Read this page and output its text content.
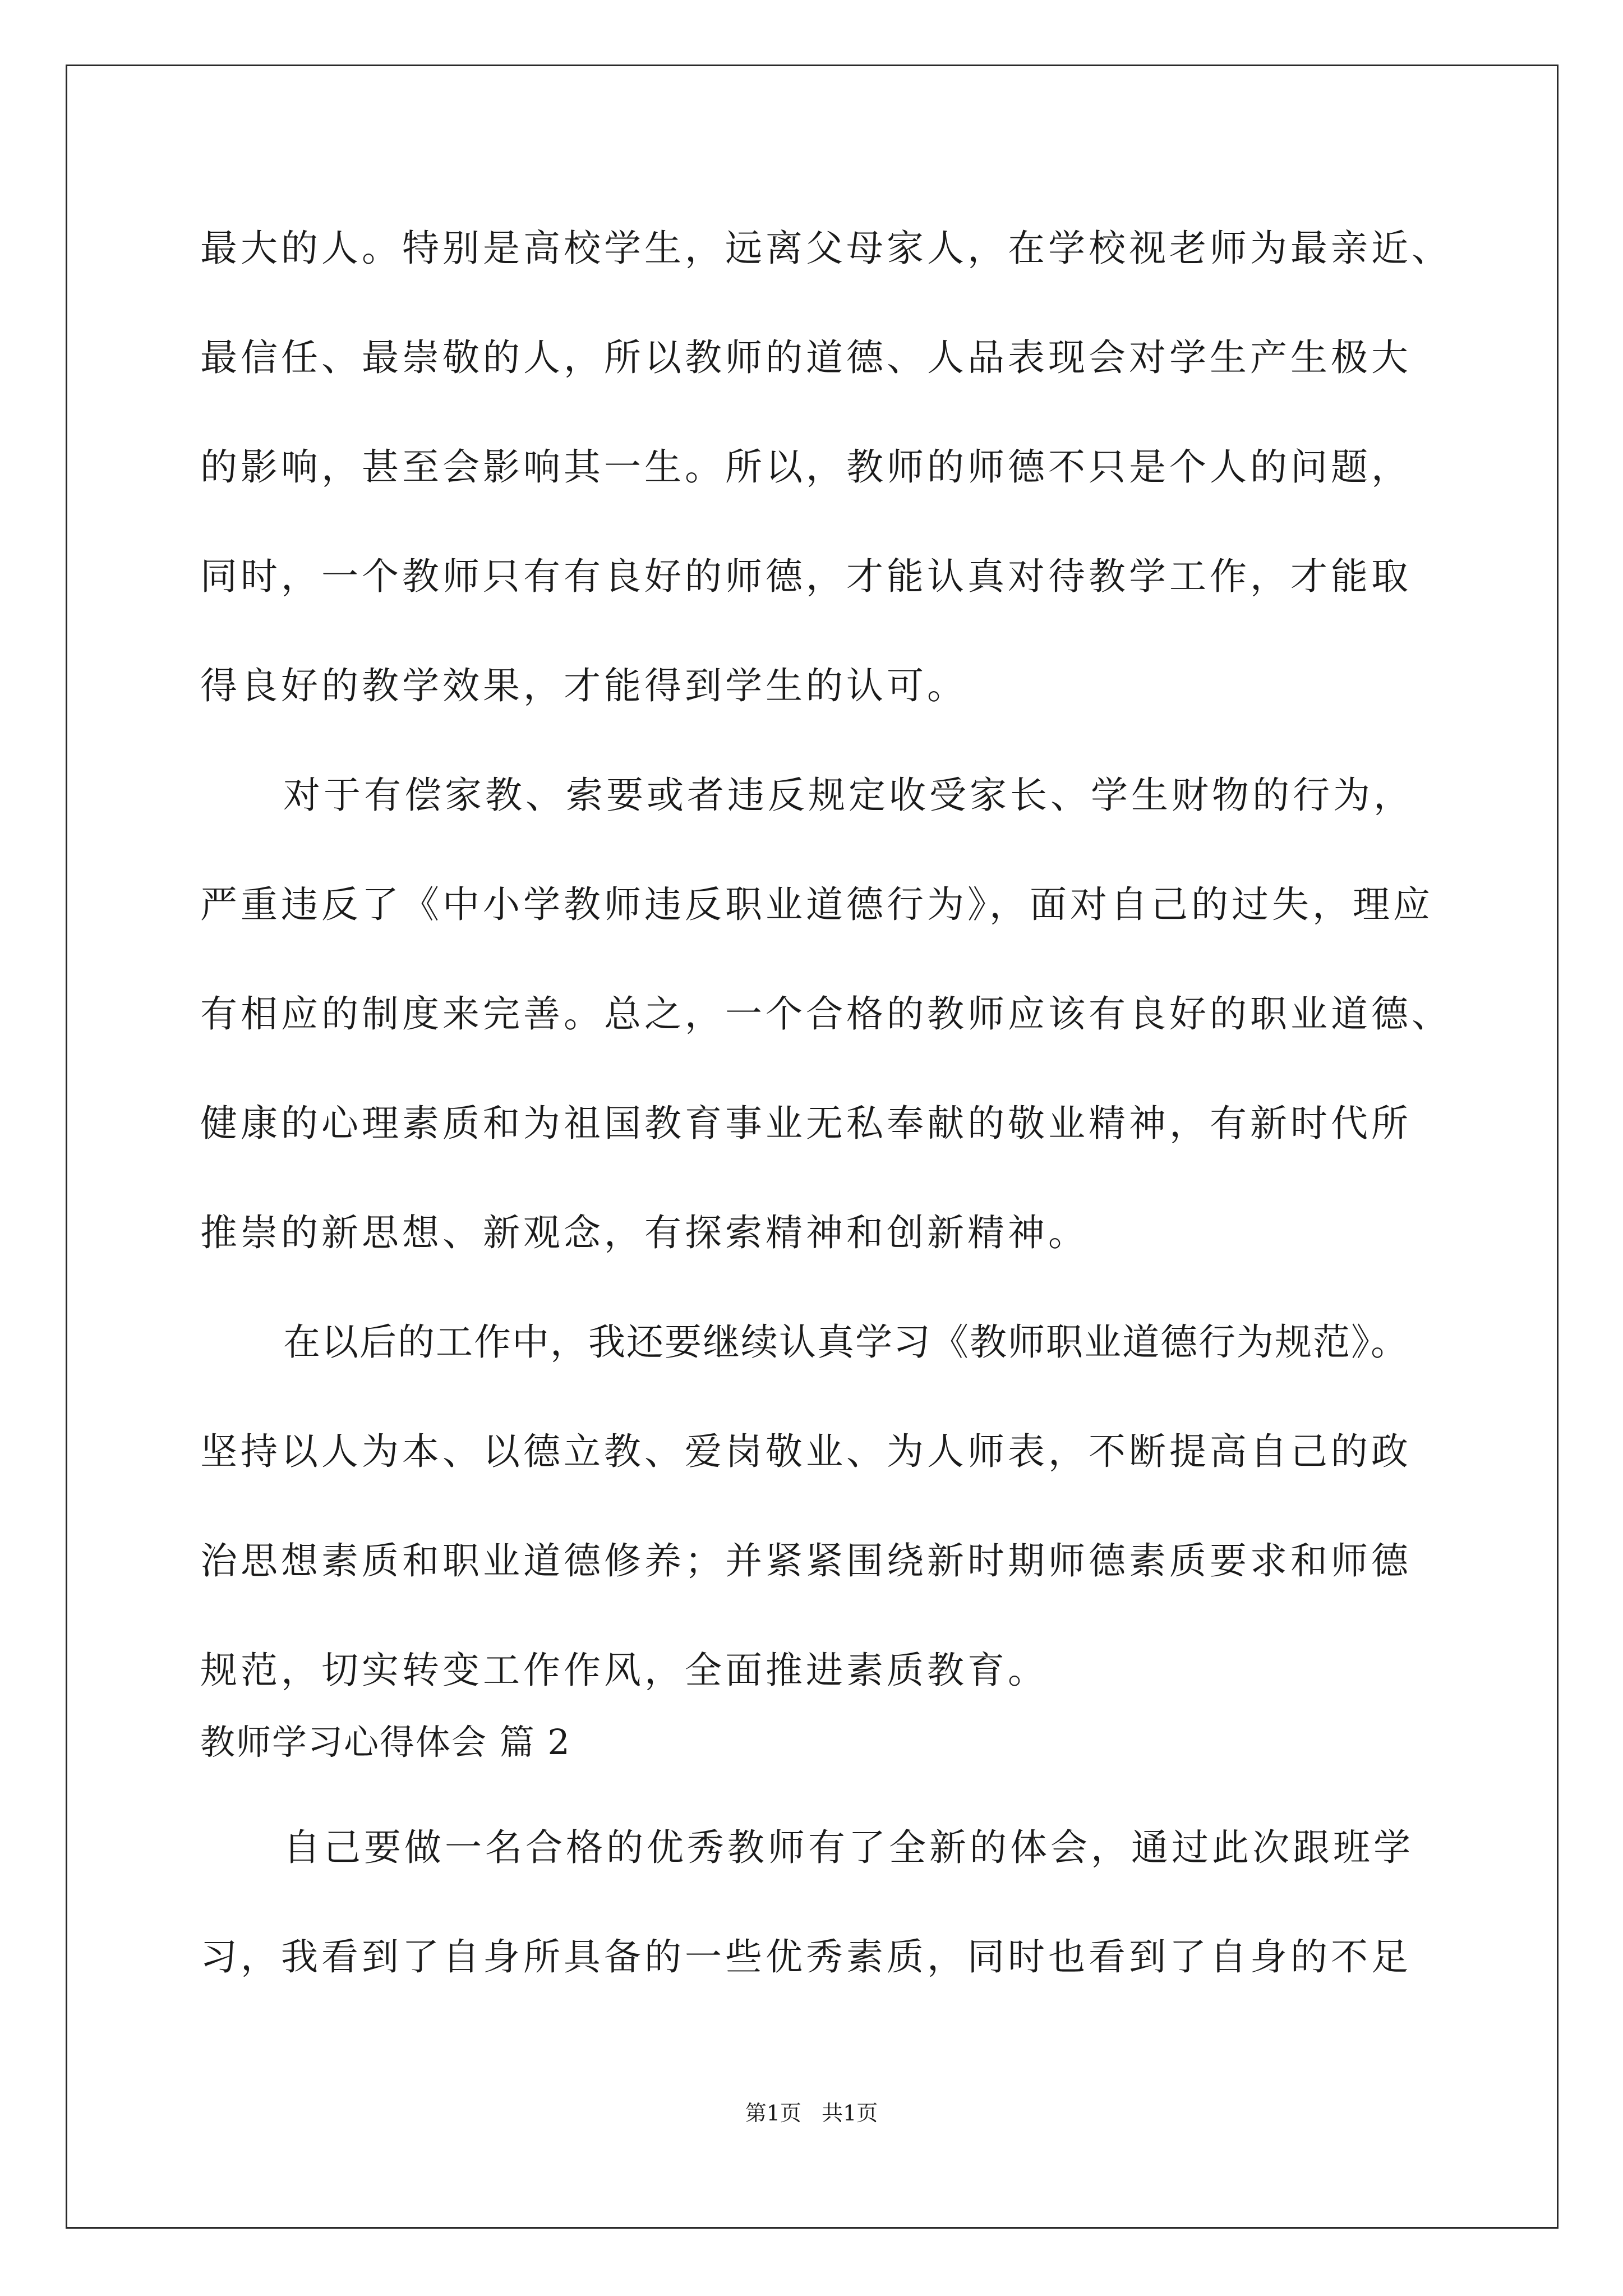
最大的人。特别是高校学生，远离父母家人，在学校视老师为最亲近、
最信任、最崇敬的人，所以教师的道德、人品表现会对学生产生极大
的影响，甚至会影响其一生。所以，教师的师德不只是个人的问题，
同时，一个教师只有有良好的师德，才能认真对待教学工作，才能取
得良好的教学效果，才能得到学生的认可。
对于有偿家教、索要或者违反规定收受家长、学生财物的行为，
严重违反了《中小学教师违反职业道德行为》，面对自己的过失，理应
有相应的制度来完善。总之，一个合格的教师应该有良好的职业道德、
健康的心理素质和为祖国教育事业无私奉献的敬业精神，有新时代所
推崇的新思想、新观念，有探索精神和创新精神。
在以后的工作中，我还要继续认真学习《教师职业道德行为规范》。
坚持以人为本、以德立教、爱岗敬业、为人师表，不断提高自己的政
治思想素质和职业道德修养；并紧紧围绕新时期师德素质要求和师德
规范，切实转变工作作风，全面推进素质教育。
教师学习心得体会 篇 2
自己要做一名合格的优秀教师有了全新的体会，通过此次跟班学
习，我看到了自身所具备的一些优秀素质，同时也看到了自身的不足
第1页   共1页
